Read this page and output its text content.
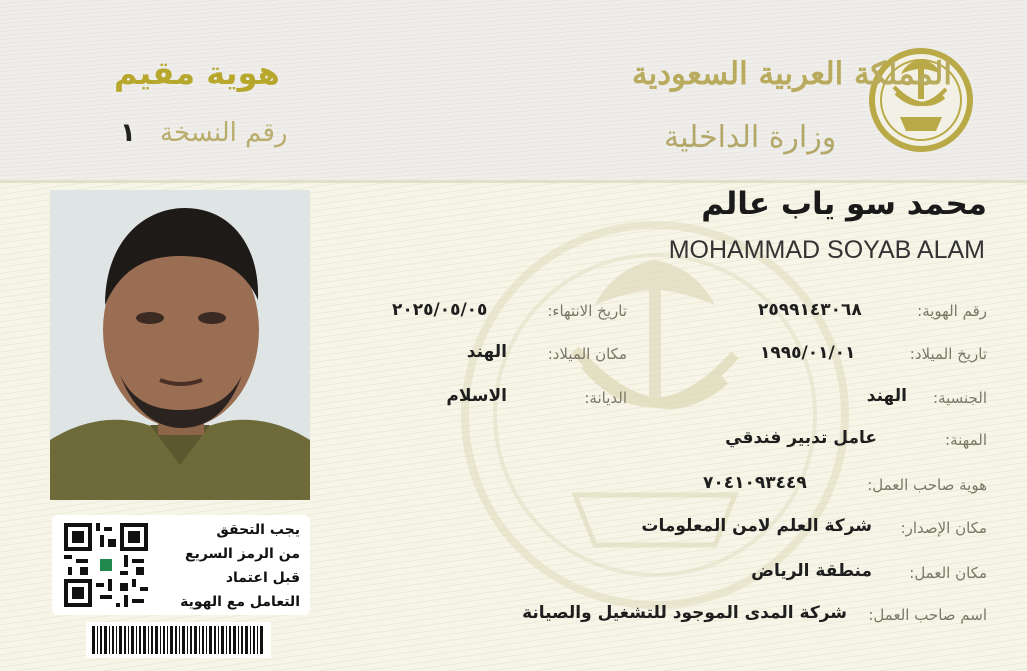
المملكة العربية السعودية
وزارة الداخلية
هوية مقيم
رقم النسخة
١
محمد سو ياب عالم
MOHAMMAD SOYAB ALAM
رقم الهوية:
٢٥٩٩١٤٣٠٦٨
تاريخ الميلاد:
١٩٩٥/٠١/٠١
الجنسية:
الهند
المهنة:
عامل تدبير فندقي
هوية صاحب العمل:
٧٠٤١٠٩٣٤٤٩
مكان الإصدار:
شركة العلم لامن المعلومات
مكان العمل:
منطقة الرياض
اسم صاحب العمل:
شركة المدى الموجود للتشغيل والصيانة
تاريخ الانتهاء:
٢٠٢٥/٠٥/٠٥
مكان الميلاد:
الهند
الديانة:
الاسلام
يجب التحقق
من الرمز السريع
قبل اعتماد
التعامل مع الهوية
